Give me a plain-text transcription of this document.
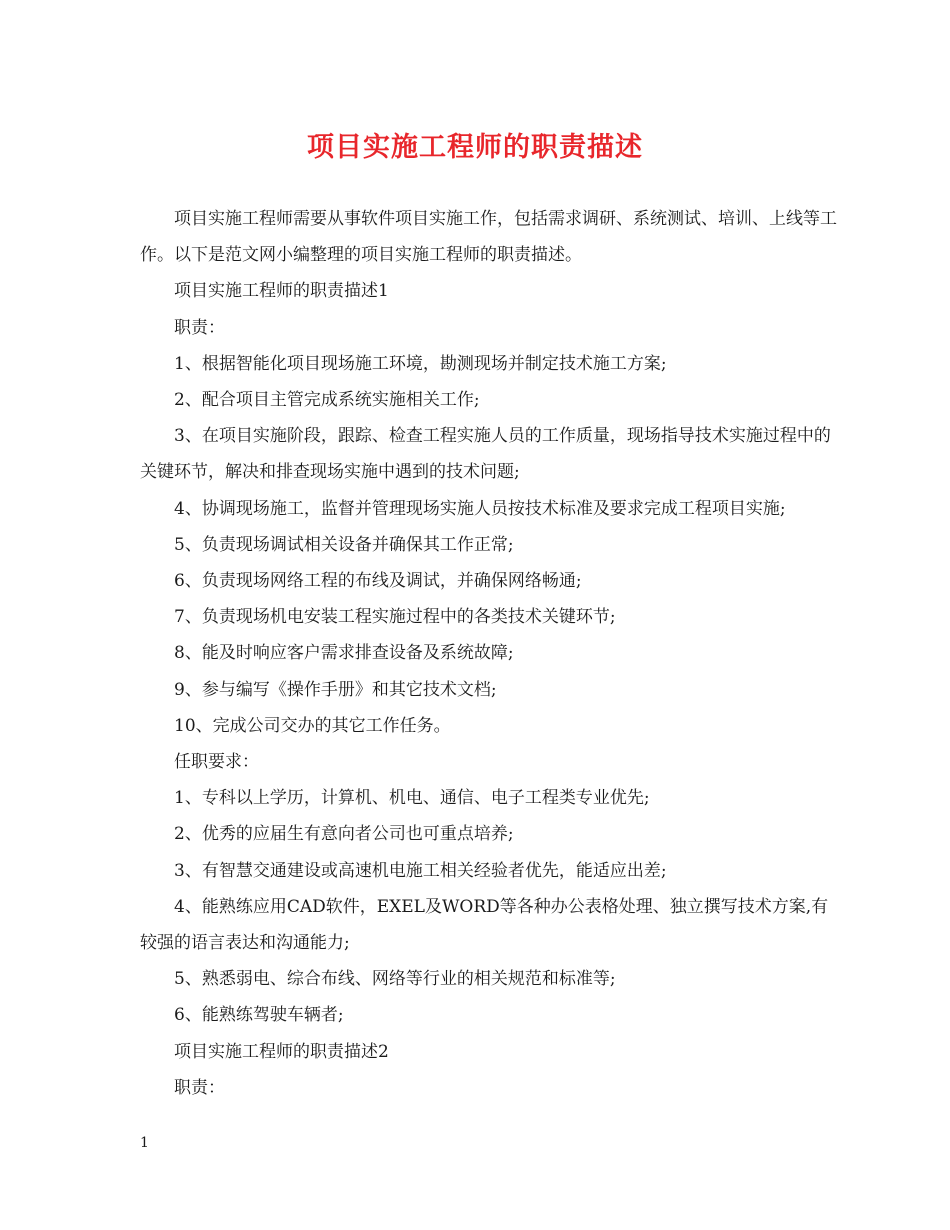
项目实施工程师的职责描述

项目实施工程师需要从事软件项目实施工作，包括需求调研、系统测试、培训、上线等工作。以下是范文网小编整理的项目实施工程师的职责描述。

项目实施工程师的职责描述1

职责：

1、根据智能化项目现场施工环境，勘测现场并制定技术施工方案;

2、配合项目主管完成系统实施相关工作;

3、在项目实施阶段，跟踪、检查工程实施人员的工作质量，现场指导技术实施过程中的关键环节，解决和排查现场实施中遇到的技术问题;

4、协调现场施工，监督并管理现场实施人员按技术标准及要求完成工程项目实施;

5、负责现场调试相关设备并确保其工作正常;

6、负责现场网络工程的布线及调试，并确保网络畅通;

7、负责现场机电安装工程实施过程中的各类技术关键环节;

8、能及时响应客户需求排查设备及系统故障;

9、参与编写《操作手册》和其它技术文档;

10、完成公司交办的其它工作任务。

任职要求：

1、专科以上学历，计算机、机电、通信、电子工程类专业优先;

2、优秀的应届生有意向者公司也可重点培养;

3、有智慧交通建设或高速机电施工相关经验者优先，能适应出差;

4、能熟练应用CAD软件，EXEL及WORD等各种办公表格处理、独立撰写技术方案,有较强的语言表达和沟通能力;

5、熟悉弱电、综合布线、网络等行业的相关规范和标准等;

6、能熟练驾驶车辆者;

项目实施工程师的职责描述2

职责：

1
